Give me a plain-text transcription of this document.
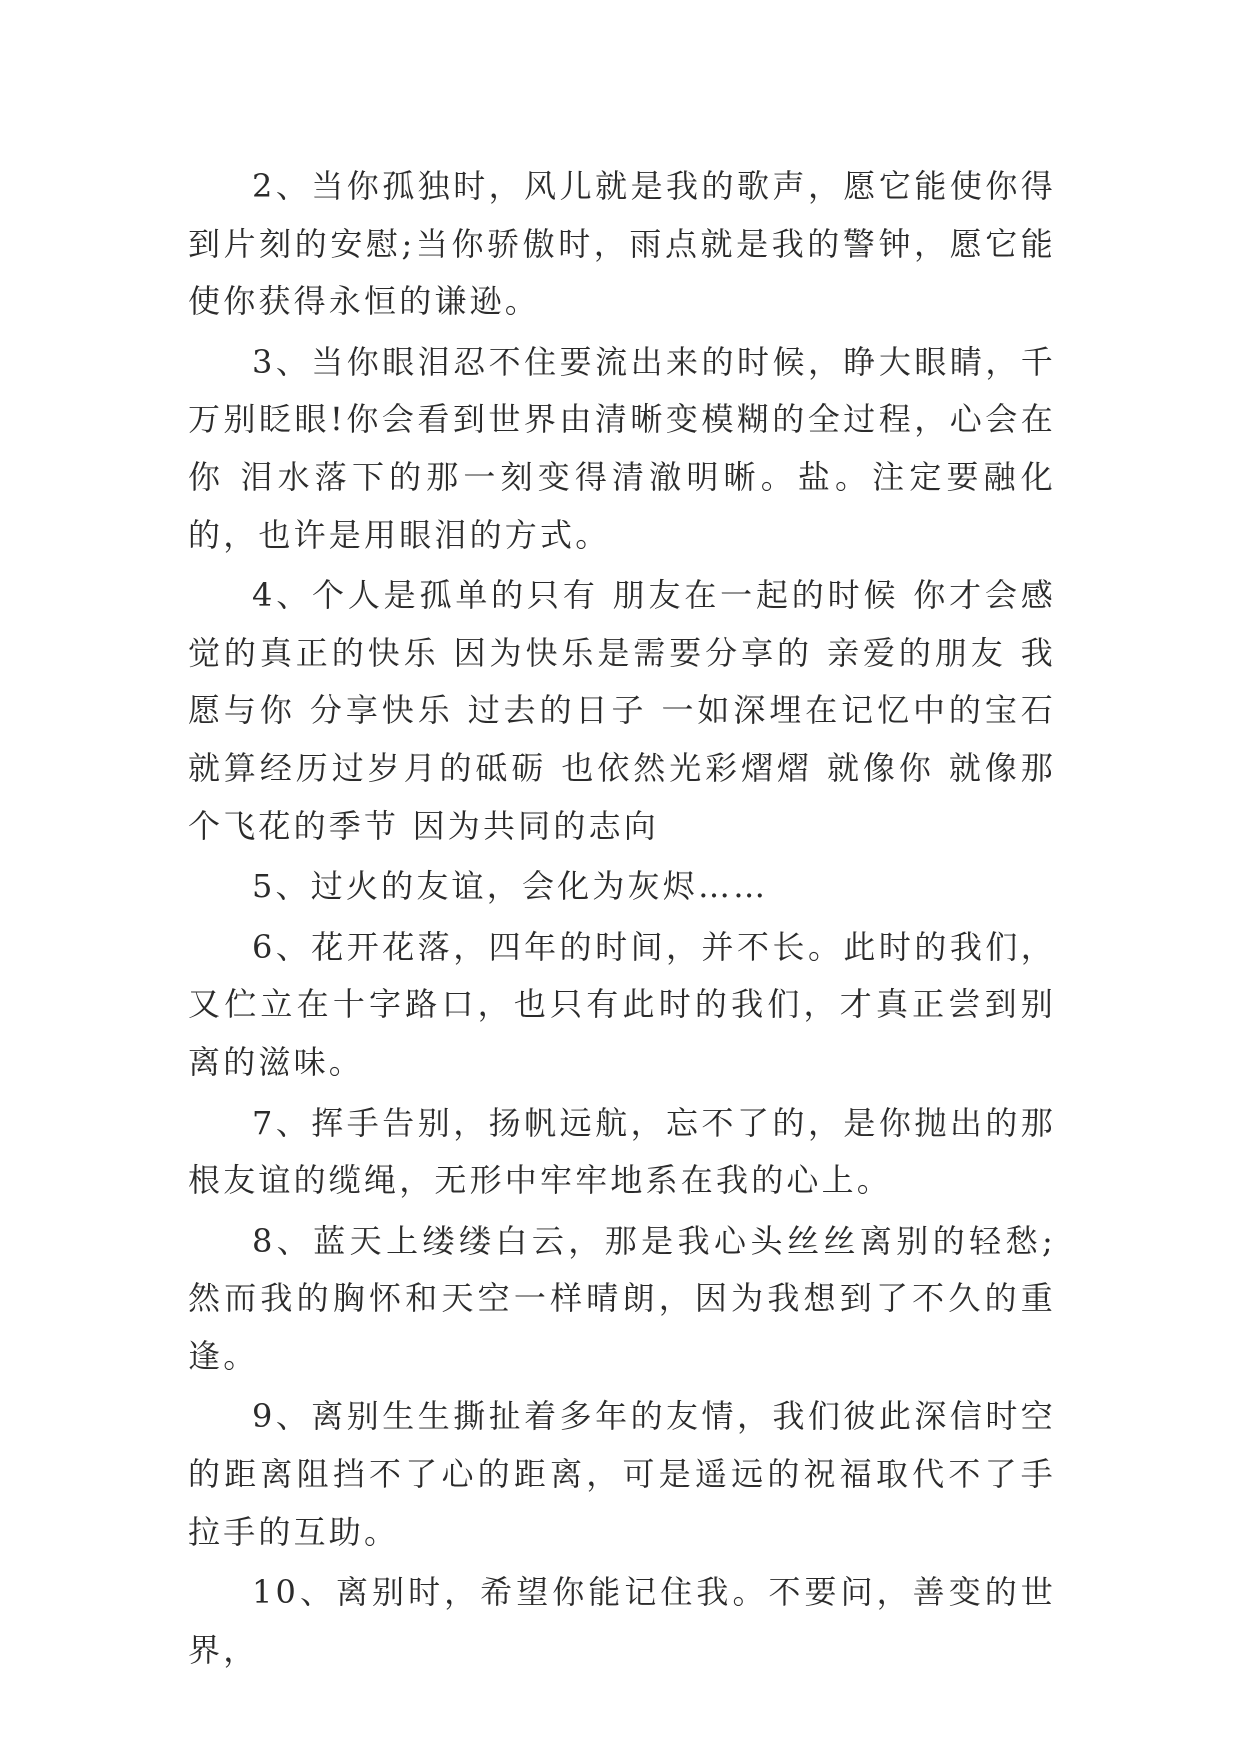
2、当你孤独时，风儿就是我的歌声，愿它能使你得到片刻的安慰;当你骄傲时，雨点就是我的警钟，愿它能使你获得永恒的谦逊。

3、当你眼泪忍不住要流出来的时候，睁大眼睛，千万别眨眼!你会看到世界由清晰变模糊的全过程，心会在你 泪水落下的那一刻变得清澈明晰。盐。注定要融化的，也许是用眼泪的方式。

4、个人是孤单的只有 朋友在一起的时候 你才会感觉的真正的快乐 因为快乐是需要分享的 亲爱的朋友 我愿与你 分享快乐 过去的日子 一如深埋在记忆中的宝石 就算经历过岁月的砥砺 也依然光彩熠熠 就像你 就像那个飞花的季节 因为共同的志向

5、过火的友谊，会化为灰烬……

6、花开花落，四年的时间，并不长。此时的我们，又伫立在十字路口，也只有此时的我们，才真正尝到别离的滋味。

7、挥手告别，扬帆远航，忘不了的，是你抛出的那根友谊的缆绳，无形中牢牢地系在我的心上。

8、蓝天上缕缕白云，那是我心头丝丝离别的轻愁;然而我的胸怀和天空一样晴朗，因为我想到了不久的重逢。

9、离别生生撕扯着多年的友情，我们彼此深信时空的距离阻挡不了心的距离，可是遥远的祝福取代不了手拉手的互助。

10、离别时，希望你能记住我。不要问，善变的世界，
